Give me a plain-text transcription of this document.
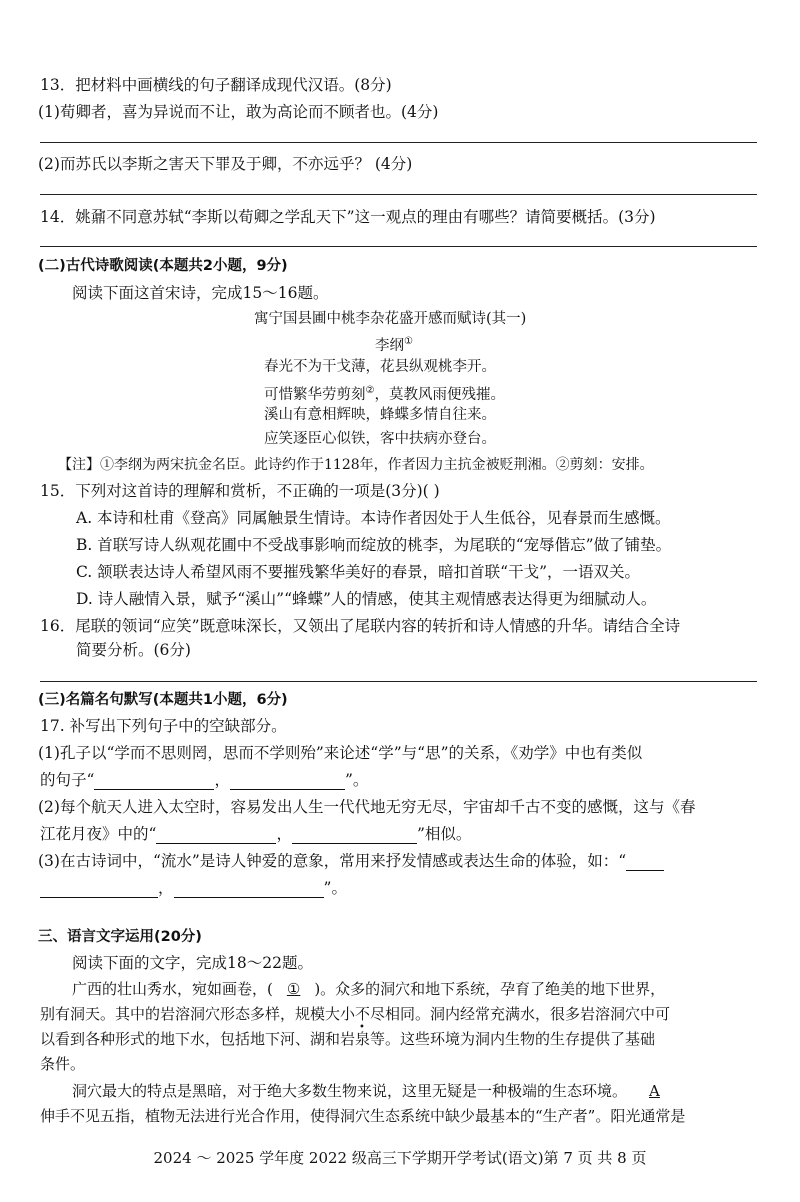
13．把材料中画横线的句子翻译成现代汉语。(8分)
(1)荀卿者，喜为异说而不让，敢为高论而不顾者也。(4分)
(2)而苏氏以李斯之害天下罪及于卿，不亦远乎？ (4分)
14．姚鼐不同意苏轼“李斯以荀卿之学乱天下”这一观点的理由有哪些？请简要概括。(3分)
(二)古代诗歌阅读(本题共2小题，9分)
阅读下面这首宋诗，完成15～16题。
寓宁国县圃中桃李杂花盛开感而赋诗(其一)
李纲①
春光不为干戈薄，花县纵观桃李开。
可惜繁华劳剪刻②，莫教风雨便残摧。
溪山有意相辉映，蜂蝶多情自往来。
应笑逐臣心似铁，客中扶病亦登台。
【注】①李纲为两宋抗金名臣。此诗约作于1128年，作者因力主抗金被贬荆湘。②剪刻：安排。
15．下列对这首诗的理解和赏析，不正确的一项是(3分)( )
A. 本诗和杜甫《登高》同属触景生情诗。本诗作者因处于人生低谷，见春景而生感慨。
B. 首联写诗人纵观花圃中不受战事影响而绽放的桃李，为尾联的“宠辱偕忘”做了铺垫。
C. 颔联表达诗人希望风雨不要摧残繁华美好的春景，暗扣首联“干戈”，一语双关。
D. 诗人融情入景，赋予“溪山”“蜂蝶”人的情感，使其主观情感表达得更为细腻动人。
16．尾联的领词“应笑”既意味深长，又领出了尾联内容的转折和诗人情感的升华。请结合全诗
简要分析。(6分)
(三)名篇名句默写(本题共1小题，6分)
17. 补写出下列句子中的空缺部分。
(1)孔子以“学而不思则罔，思而不学则殆”来论述“学”与“思”的关系，《劝学》中也有类似
的句子“	，	”。
(2)每个航天人进入太空时，容易发出人生一代代地无穷无尽，宇宙却千古不变的感慨，这与《春
江花月夜》中的“	，	”相似。
(3)在古诗词中，“流水”是诗人钟爱的意象，常用来抒发情感或表达生命的体验，如：“
，	”。
三、语言文字运用(20分)
阅读下面的文字，完成18～22题。
广西的壮山秀水，宛如画卷，( ① )。众多的洞穴和地下系统，孕育了绝美的地下世界，
别有洞天。其中的岩溶洞穴形态多样，规模大小不尽相同。洞内经常充满水，很多岩溶洞穴中可
以看到各种形式的地下水，包括地下河、湖和岩泉等。这些环境为洞内生物的生存提供了基础
条件。
洞穴最大的特点是黑暗，对于绝大多数生物来说，这里无疑是一种极端的生态环境。 A
伸手不见五指，植物无法进行光合作用，使得洞穴生态系统中缺少最基本的“生产者”。阳光通常是
2024 ～ 2025 学年度 2022 级高三下学期开学考试(语文)第 7 页 共 8 页
